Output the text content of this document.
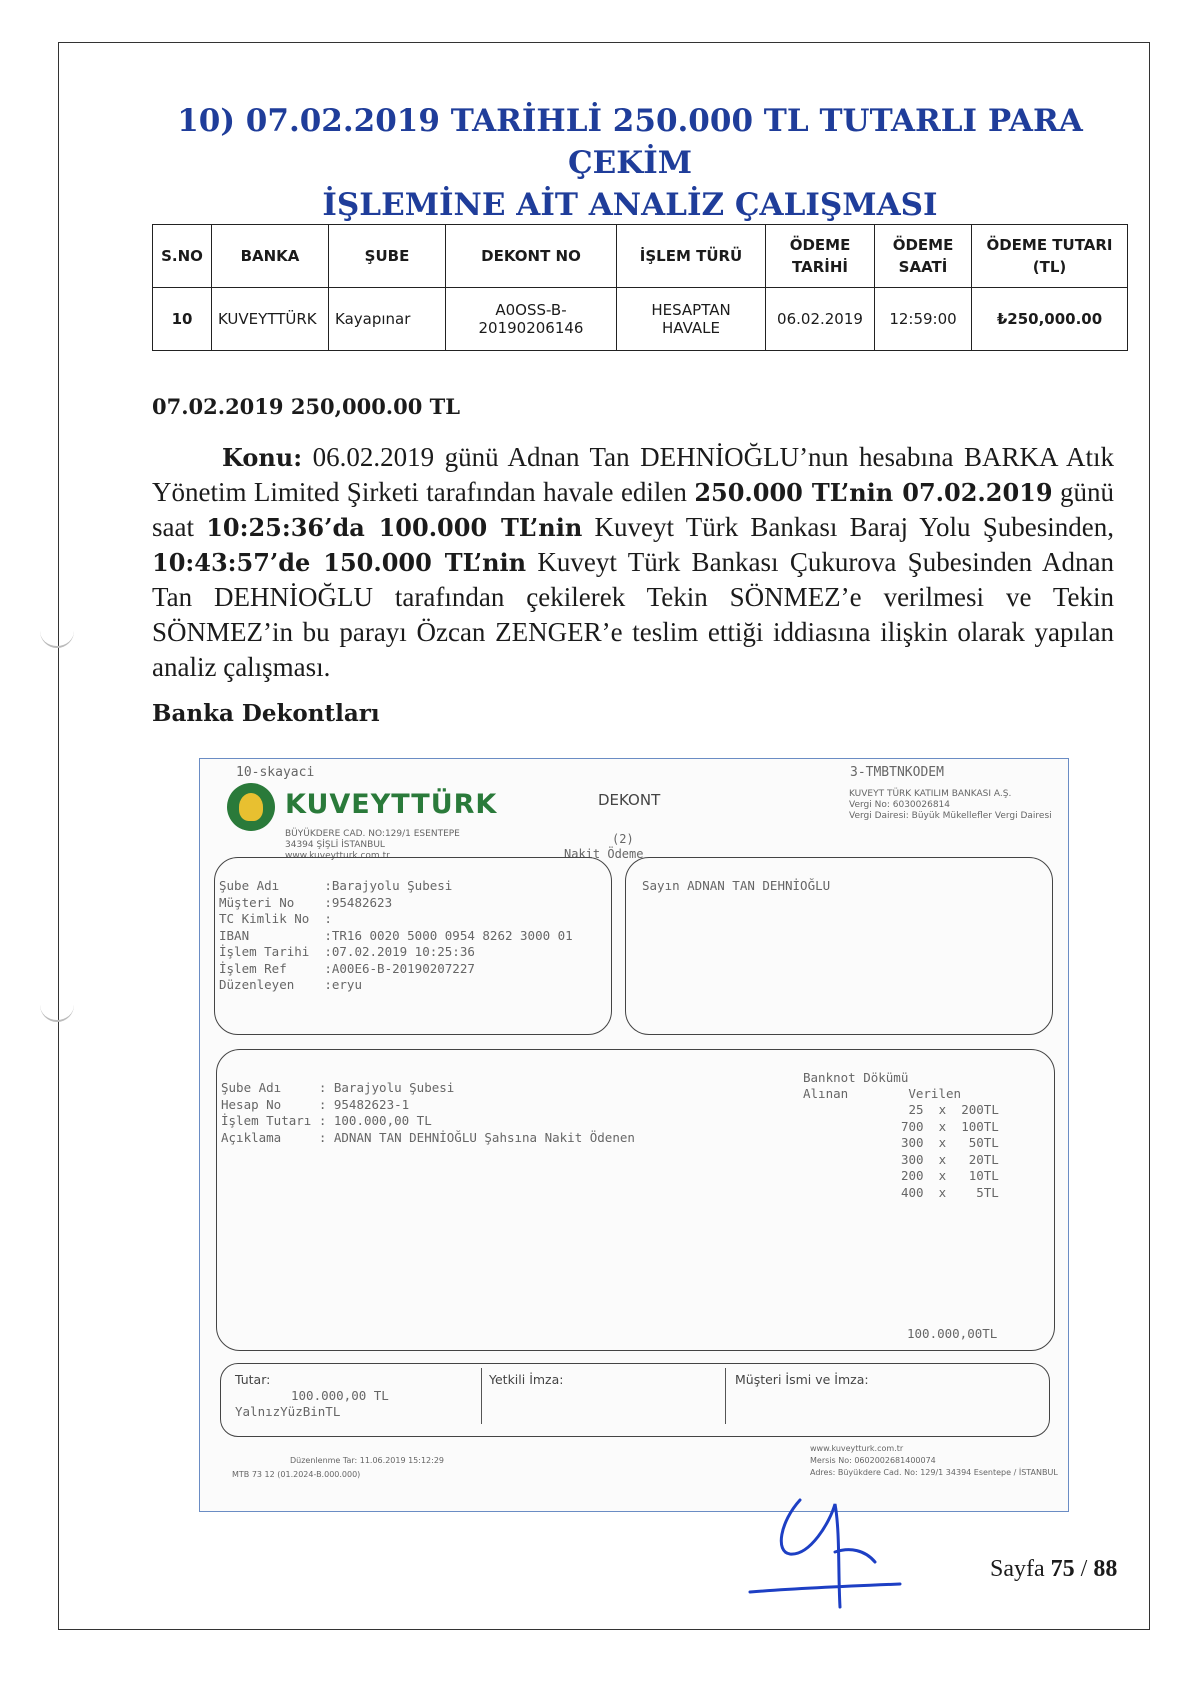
10) 07.02.2019 TARİHLİ 250.000 TL TUTARLI PARA ÇEKİM
İŞLEMİNE AİT ANALİZ ÇALIŞMASI
S.NO	BANKA	ŞUBE	DEKONT NO	İŞLEM TÜRÜ	ÖDEME TARİHİ	ÖDEME SAATİ	ÖDEME TUTARI (TL)
10	KUVEYTTÜRK	Kayapınar	A0OSS-B-20190206146	HESAPTAN HAVALE	06.02.2019	12:59:00	₺250,000.00
07.02.2019 250,000.00 TL
Konu: 06.02.2019 günü Adnan Tan DEHNİOĞLU’nun hesabına BARKA Atık Yönetim Limited Şirketi tarafından havale edilen 250.000 TL’nin 07.02.2019 günü saat 10:25:36’da 100.000 TL’nin Kuveyt Türk Bankası Baraj Yolu Şubesinden, 10:43:57’de 150.000 TL’nin Kuveyt Türk Bankası Çukurova Şubesinden Adnan Tan DEHNİOĞLU tarafından çekilerek Tekin SÖNMEZ’e verilmesi ve Tekin SÖNMEZ’in bu parayı Özcan ZENGER’e teslim ettiği iddiasına ilişkin olarak yapılan analiz çalışması.
Banka Dekontları
10-skayaci	3-TMBTNKODEM
KUVEYTTÜRK
BÜYÜKDERE CAD. NO:129/1 ESENTEPE
34394 ŞİŞLİ İSTANBUL
www.kuveytturk.com.tr
DEKONT	KUVEYT TÜRK KATILIM BANKASI A.Ş.
Vergi No: 6030026814
Vergi Dairesi: Büyük Mükellefler Vergi Dairesi
(2)
Nakit Ödeme
Şube Adı      :Barajyolu Şubesi
Müşteri No    :95482623
TC Kimlik No  :
IBAN          :TR16 0020 5000 0954 8262 3000 01
İşlem Tarihi  :07.02.2019 10:25:36
İşlem Ref     :A00E6-B-20190207227
Düzenleyen    :eryu
Sayın ADNAN TAN DEHNİOĞLU
Şube Adı     : Barajyolu Şubesi
Hesap No     : 95482623-1
İşlem Tutarı : 100.000,00 TL
Açıklama     : ADNAN TAN DEHNİOĞLU Şahsına Nakit Ödenen
Banknot Dökümü
Alınan        Verilen
25  x  200TL
700  x  100TL
300  x   50TL
300  x   20TL
200  x   10TL
400  x    5TL
100.000,00TL
Tutar:
100.000,00 TL
YalnızYüzBinTL
Yetkili İmza:	Müşteri İsmi ve İmza:
Düzenlenme Tar: 11.06.2019 15:12:29
MTB 73 12 (01.2024-B.000.000)
www.kuveytturk.com.tr
Mersis No: 0602002681400074
Adres: Büyükdere Cad. No: 129/1 34394 Esentepe / İSTANBUL
Sayfa 75 / 88
